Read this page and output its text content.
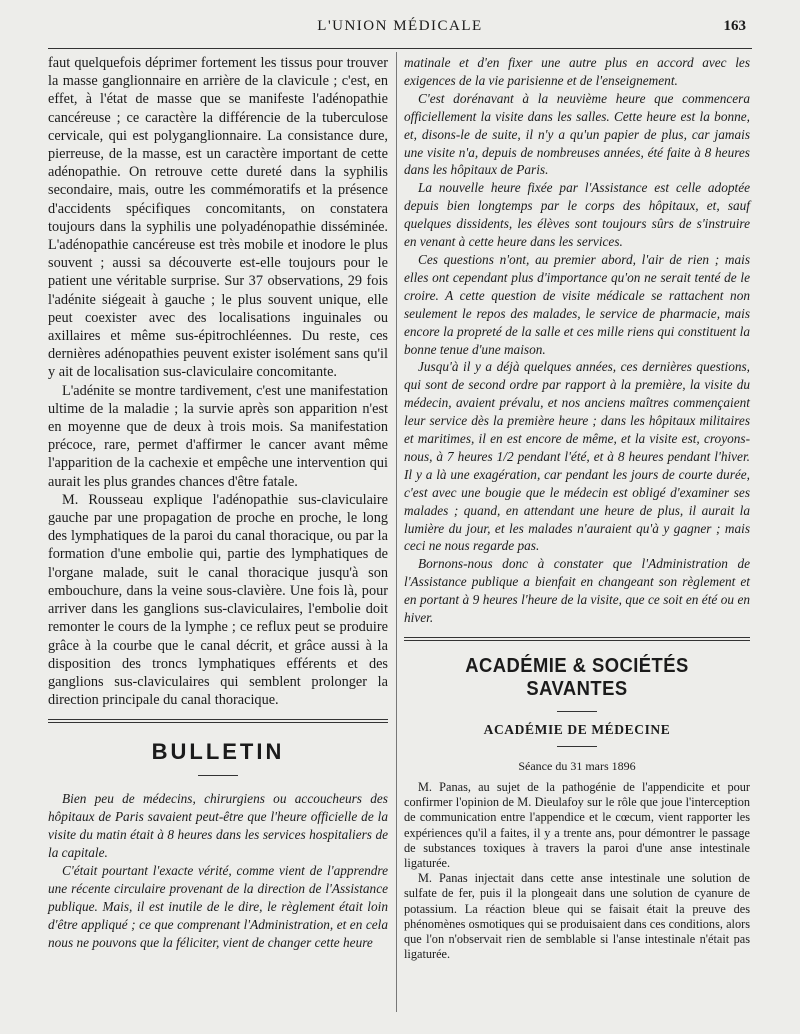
L'UNION MÉDICALE	163

faut quelquefois déprimer fortement les tissus pour trouver la masse ganglionnaire en arrière de la clavicule ; c'est, en effet, à l'état de masse que se manifeste l'adénopathie cancéreuse ; ce caractère la différencie de la tuberculose cervicale, qui est polyganglionnaire. La consistance dure, pierreuse, de la masse, est un caractère important de cette adénopathie. On retrouve cette dureté dans la syphilis secondaire, mais, outre les commémoratifs et la présence d'accidents spécifiques concomitants, on constatera toujours dans la syphilis une polyadénopathie disséminée. L'adénopathie cancéreuse est très mobile et inodore le plus souvent ; aussi sa découverte est-elle toujours pour le patient une véritable surprise. Sur 37 observations, 29 fois l'adénite siégeait à gauche ; le plus souvent unique, elle peut coexister avec des localisations inguinales ou axillaires et même sus-épitrochléennes. Du reste, ces dernières adénopathies peuvent exister isolément sans qu'il y ait de localisation sus-claviculaire concomitante.

L'adénite se montre tardivement, c'est une manifestation ultime de la maladie ; la survie après son apparition n'est en moyenne que de deux à trois mois. Sa manifestation précoce, rare, permet d'affirmer le cancer avant même l'apparition de la cachexie et empêche une intervention qui aurait les plus grandes chances d'être fatale.

M. Rousseau explique l'adénopathie sus-claviculaire gauche par une propagation de proche en proche, le long des lymphatiques de la paroi du canal thoracique, ou par la formation d'une embolie qui, partie des lymphatiques de l'organe malade, suit le canal thoracique jusqu'à son embouchure, dans la veine sous-clavière. Une fois là, pour arriver dans les ganglions sus-claviculaires, l'embolie doit remonter le cours de la lymphe ; ce reflux peut se produire grâce à la courbe que le canal décrit, et grâce aussi à la disposition des troncs lymphatiques efférents et des ganglions sus-claviculaires qui semblent prolonger la direction principale du canal thoracique.

BULLETIN

Bien peu de médecins, chirurgiens ou accoucheurs des hôpitaux de Paris savaient peut-être que l'heure officielle de la visite du matin était à 8 heures dans les services hospitaliers de la capitale.

C'était pourtant l'exacte vérité, comme vient de l'apprendre une récente circulaire provenant de la direction de l'Assistance publique. Mais, il est inutile de le dire, le règlement était loin d'être appliqué ; ce que comprenant l'Administration, et en cela nous ne pouvons que la féliciter, vient de changer cette heure

matinale et d'en fixer une autre plus en accord avec les exigences de la vie parisienne et de l'enseignement.

C'est dorénavant à la neuvième heure que commencera officiellement la visite dans les salles. Cette heure est la bonne, et, disons-le de suite, il n'y a qu'un papier de plus, car jamais une visite n'a, depuis de nombreuses années, été faite à 8 heures dans les hôpitaux de Paris.

La nouvelle heure fixée par l'Assistance est celle adoptée depuis bien longtemps par le corps des hôpitaux, et, sauf quelques dissidents, les élèves sont toujours sûrs de s'instruire en venant à cette heure dans les services.

Ces questions n'ont, au premier abord, l'air de rien ; mais elles ont cependant plus d'importance qu'on ne serait tenté de le croire. A cette question de visite médicale se rattachent non seulement le repos des malades, le service de pharmacie, mais encore la propreté de la salle et ces mille riens qui constituent la bonne tenue d'une maison.

Jusqu'à il y a déjà quelques années, ces dernières questions, qui sont de second ordre par rapport à la première, la visite du médecin, avaient prévalu, et nos anciens maîtres commençaient leur service dès la première heure ; dans les hôpitaux militaires et maritimes, il en est encore de même, et la visite est, croyons-nous, à 7 heures 1/2 pendant l'été, et à 8 heures pendant l'hiver. Il y a là une exagération, car pendant les jours de courte durée, c'est avec une bougie que le médecin est obligé d'examiner ses malades ; quand, en attendant une heure de plus, il aurait la lumière du jour, et les malades n'auraient qu'à y gagner ; mais ceci ne nous regarde pas.

Bornons-nous donc à constater que l'Administration de l'Assistance publique a bienfait en changeant son règlement et en portant à 9 heures l'heure de la visite, que ce soit en été ou en hiver.

ACADÉMIE & SOCIÉTÉS SAVANTES
ACADÉMIE DE MÉDECINE
Séance du 31 mars 1896

M. Panas, au sujet de la pathogénie de l'appendicite et pour confirmer l'opinion de M. Dieulafoy sur le rôle que joue l'interception de communication entre l'appendice et le cœcum, vient rapporter les expériences qu'il a faites, il y a trente ans, pour démontrer le passage de substances toxiques à travers la paroi d'une anse intestinale ligaturée.

M. Panas injectait dans cette anse intestinale une solution de sulfate de fer, puis il la plongeait dans une solution de cyanure de potassium. La réaction bleue qui se faisait était la preuve des phénomènes osmotiques qui se produisaient dans ces conditions, alors que l'on n'observait rien de semblable si l'anse intestinale n'était pas ligaturée.
